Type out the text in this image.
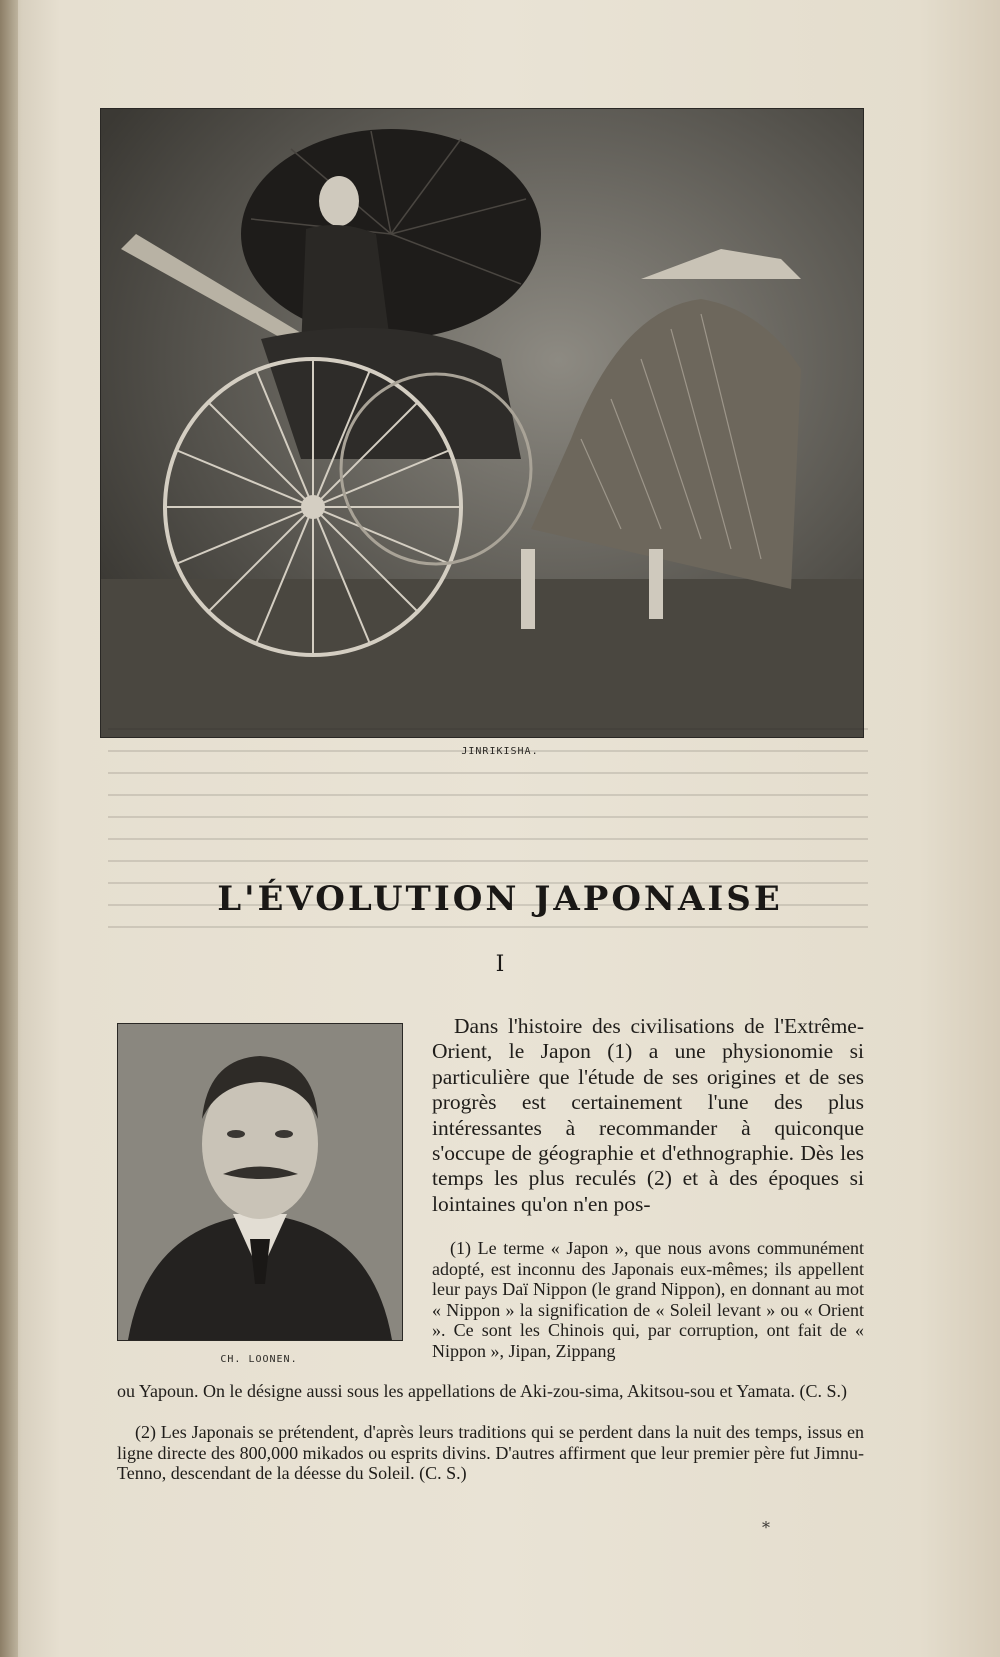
JINRIKISHA.
L'ÉVOLUTION JAPONAISE
I
CH. LOONEN.

Dans l'histoire des civilisations de l'Extrême-Orient, le Japon (1) a une physionomie si particulière que l'étude de ses origines et de ses progrès est certainement l'une des plus intéressantes à recommander à quiconque s'occupe de géographie et d'ethnographie. Dès les temps les plus reculés (2) et à des époques si lointaines qu'on n'en pos-

(1) Le terme « Japon », que nous avons communément adopté, est inconnu des Japonais eux-mêmes; ils appellent leur pays Daï Nippon (le grand Nippon), en donnant au mot « Nippon » la signification de « Soleil levant » ou « Orient ». Ce sont les Chinois qui, par corruption, ont fait de « Nippon », Jipan, Zippang

ou Yapoun. On le désigne aussi sous les appellations de Aki-zou-sima, Akitsou-sou et Yamata. (C. S.)

(2) Les Japonais se prétendent, d'après leurs traditions qui se perdent dans la nuit des temps, issus en ligne directe des 800,000 mikados ou esprits divins. D'autres affirment que leur premier père fut Jimnu-Tenno, descendant de la déesse du Soleil. (C. S.)

*
